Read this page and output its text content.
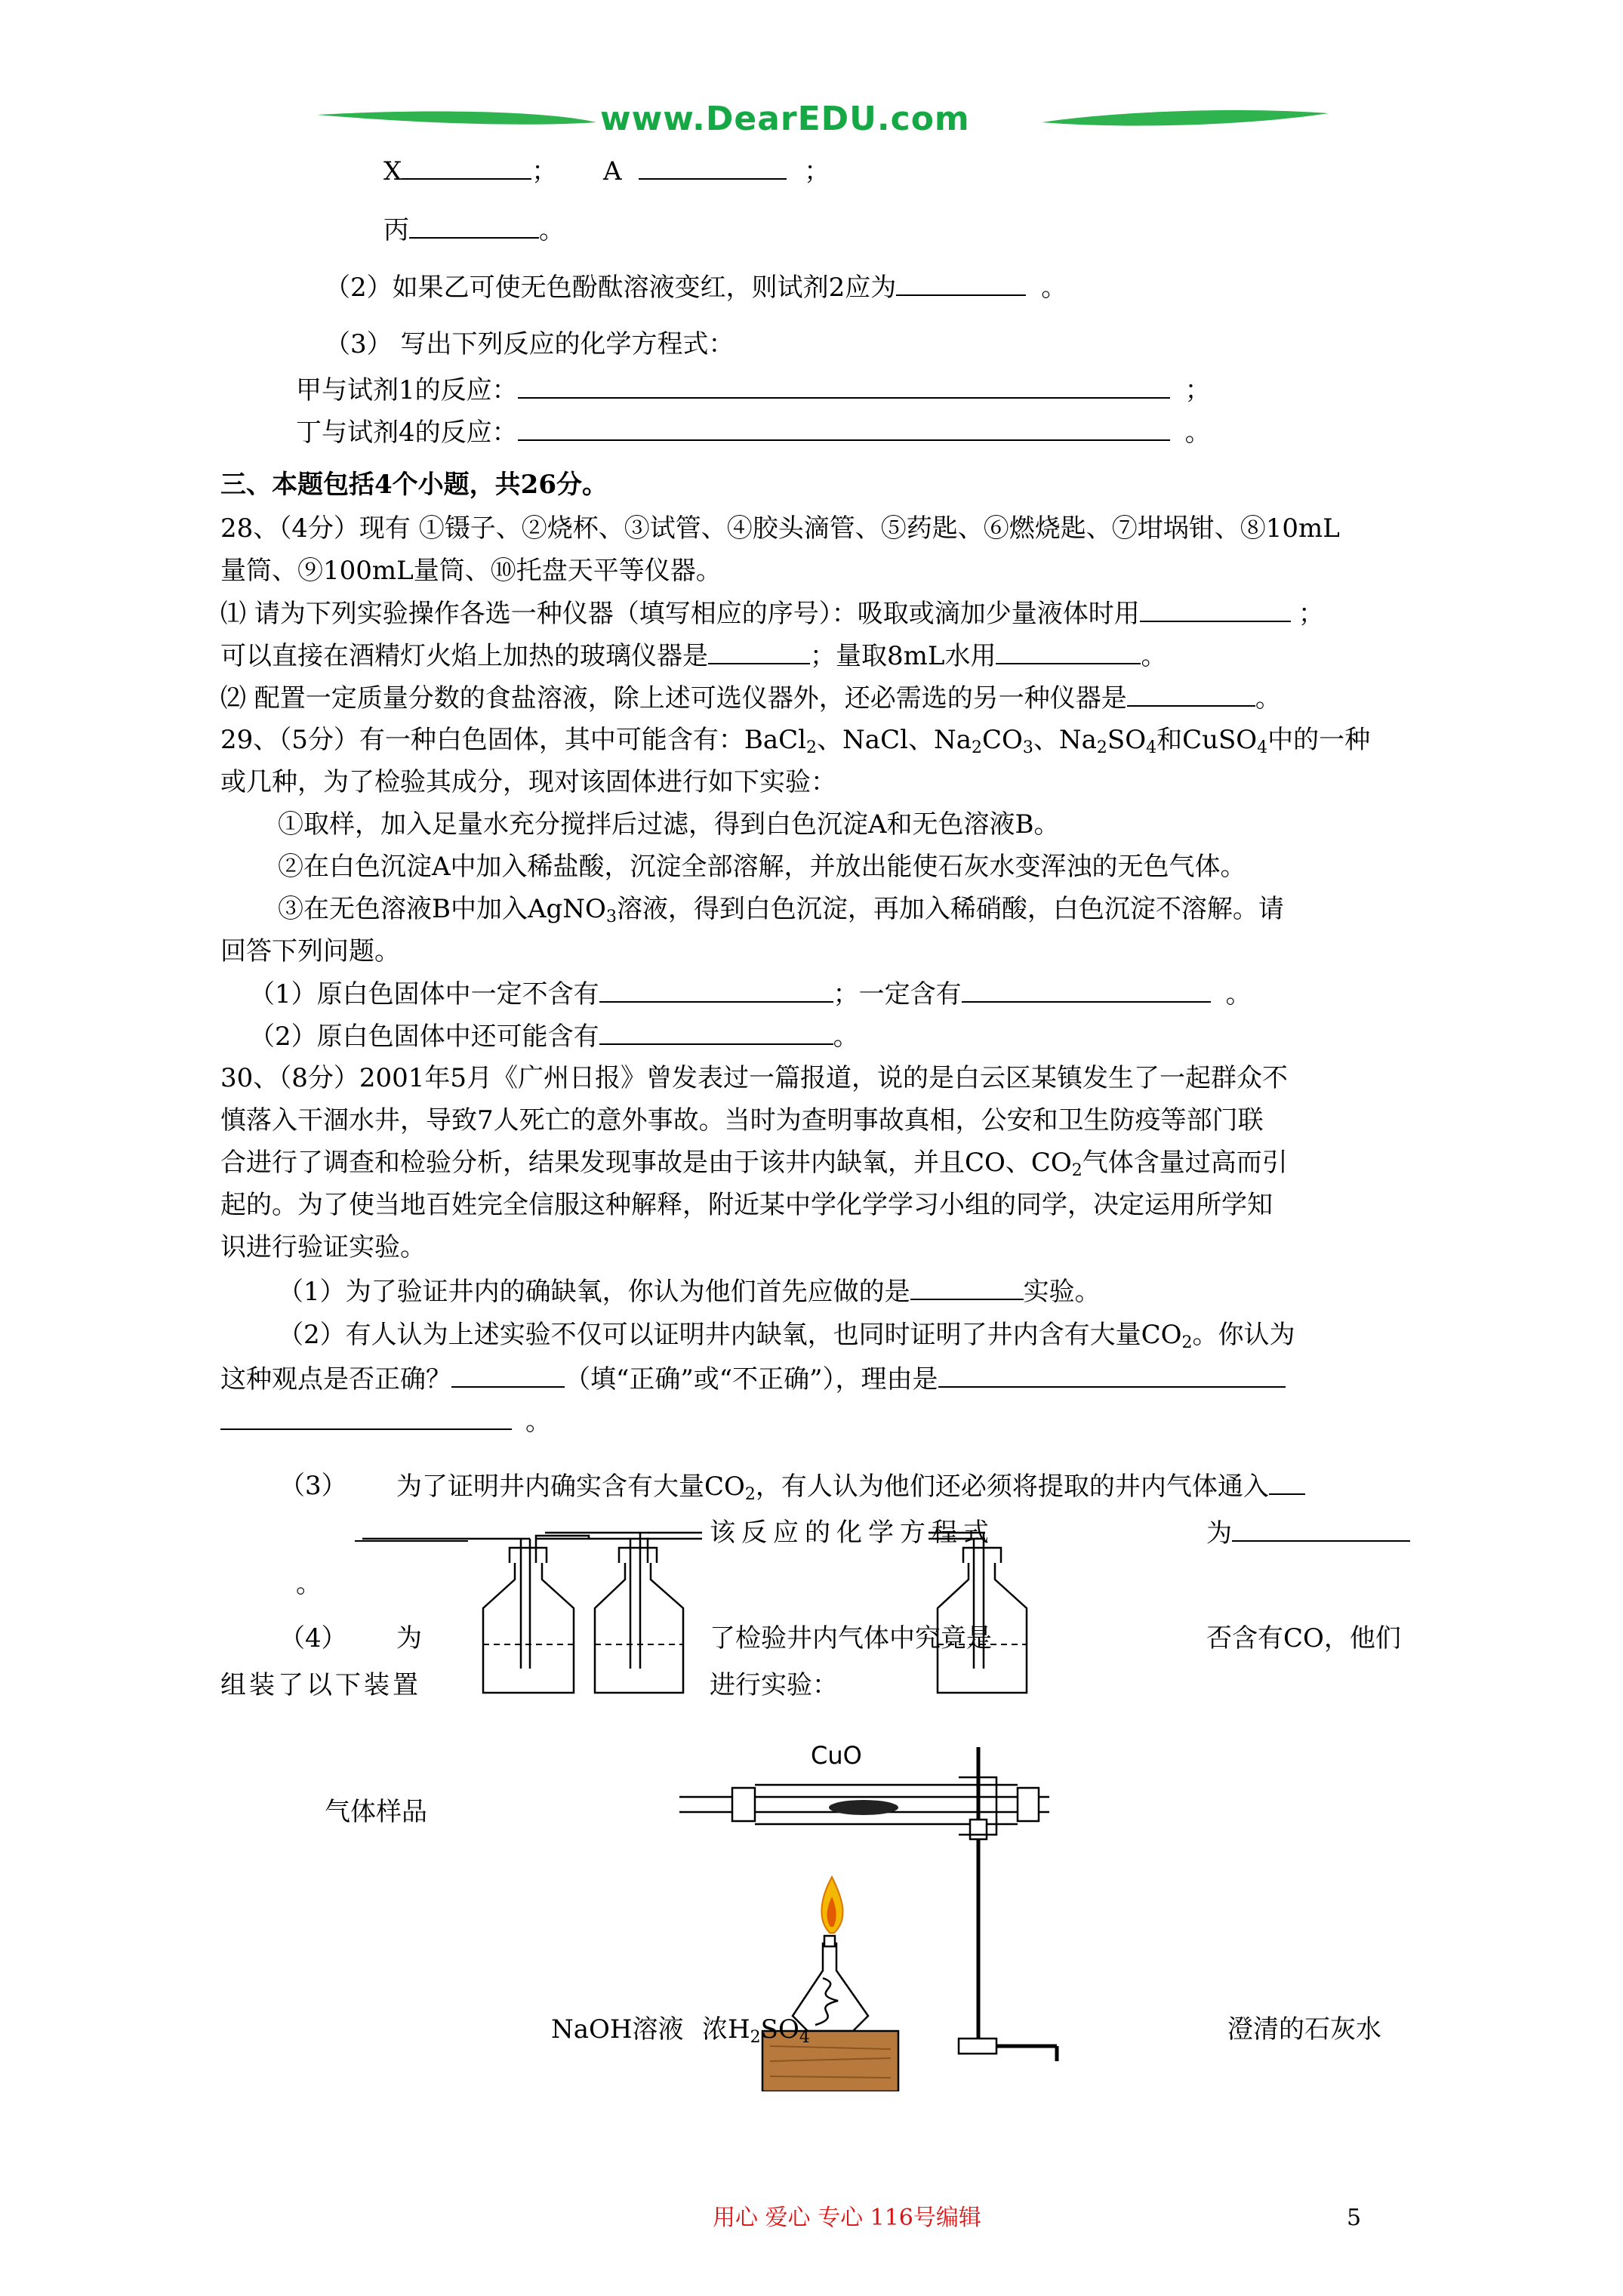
www.DearEDU.com
X	； A	；
丙	。
（2）如果乙可使无色酚酞溶液变红，则试剂2应为	。
（3） 写出下列反应的化学方程式：
甲与试剂1的反应：	；
丁与试剂4的反应：	。
三、本题包括4个小题，共26分。
28、（4分）现有 ①镊子、②烧杯、③试管、④胶头滴管、⑤药匙、⑥燃烧匙、⑦坩埚钳、⑧10mL
量筒、⑨100mL量筒、⑩托盘天平等仪器。
⑴ 请为下列实验操作各选一种仪器（填写相应的序号）：吸取或滴加少量液体时用	；
可以直接在酒精灯火焰上加热的玻璃仪器是	；量取8mL水用	。
⑵ 配置一定质量分数的食盐溶液，除上述可选仪器外，还必需选的另一种仪器是	。
29、（5分）有一种白色固体，其中可能含有：BaCl$_2$、NaCl、$Na_2CO_3$、$Na_2SO_4$和CuSO$_4$中的一种
或几种，为了检验其成分，现对该固体进行如下实验：
①取样，加入足量水充分搅拌后过滤，得到白色沉淀A和无色溶液B。
②在白色沉淀A中加入稀盐酸，沉淀全部溶解，并放出能使石灰水变浑浊的无色气体。
③在无色溶液B中加入AgNO$_3$溶液，得到白色沉淀，再加入稀硝酸，白色沉淀不溶解。请
回答下列问题。
（1）原白色固体中一定不含有	；一定含有	。
（2）原白色固体中还可能含有	。
30、（8分）2001年5月《广州日报》曾发表过一篇报道，说的是白云区某镇发生了一起群众不
慎落入干涸水井，导致7人死亡的意外事故。当时为查明事故真相，公安和卫生防疫等部门联
合进行了调查和检验分析，结果发现事故是由于该井内缺氧，并且CO、$CO_2$气体含量过高而引
起的。为了使当地百姓完全信服这种解释，附近某中学化学学习小组的同学，决定运用所学知
识进行验证实验。
（1）为了验证井内的确缺氧，你认为他们首先应做的是	实验。
（2）有人认为上述实验不仅可以证明井内缺氧，也同时证明了井内含有大量$CO_2$。你认为
这种观点是否正确？	（填“正确”或“不正确”），理由是
。
（3） 为了证明井内确实含有大量$CO_2$，有人认为他们还必须将提取的井内气体通入
该反应的化学方程式	为
。
（4） 为	了检验井内气体中究竟是	否含有CO，他们
组装了以下装置	进行实验：
CuO
气体样品
NaOH溶液 浓$H_2SO_4$	澄清的石灰水
用心 爱心 专心 116号编辑	5
